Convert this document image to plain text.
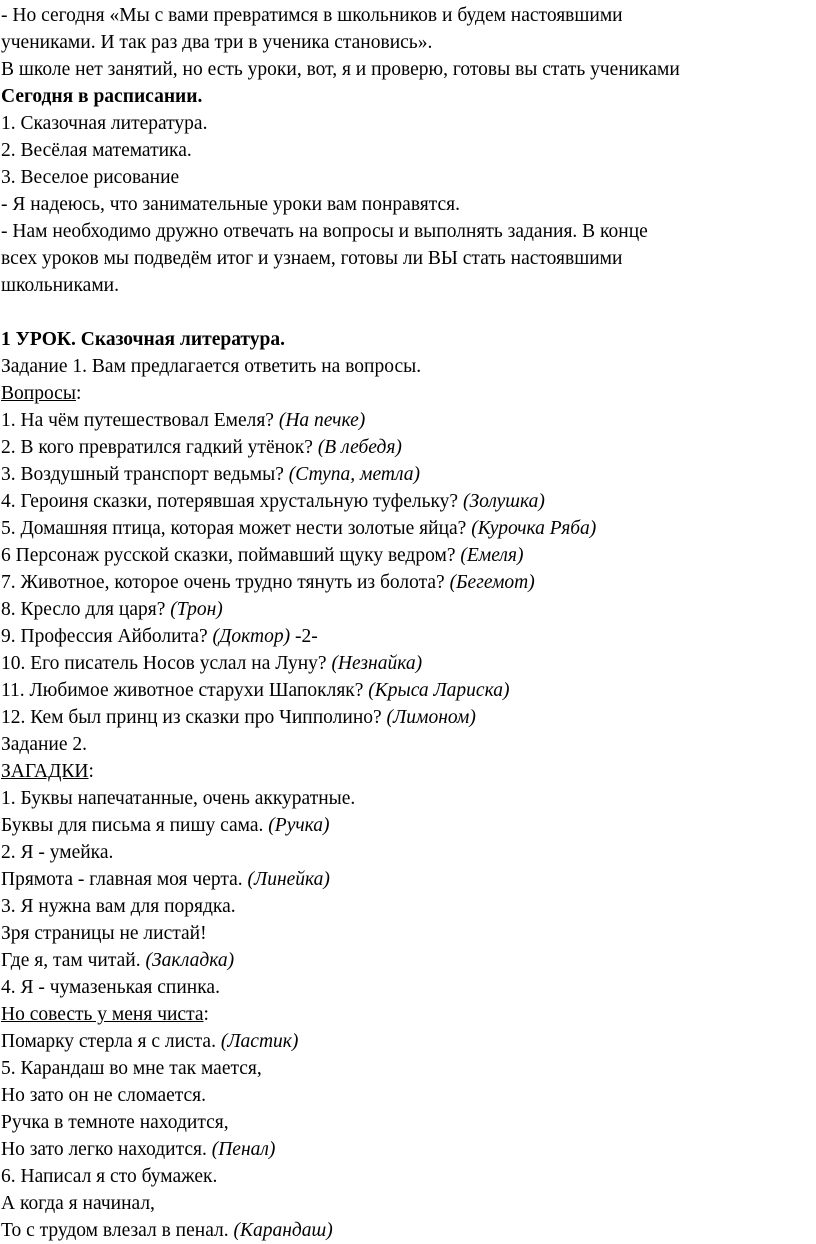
- Но сегодня «Мы с вами превратимся в школьников и будем настоявшими
учениками. И так раз два три в ученика становись».
В школе нет занятий, но есть уроки, вот, я и проверю, готовы вы стать учениками
Сегодня в расписании.
1. Сказочная литература.
2. Весёлая математика.
3. Веселое рисование
- Я надеюсь, что занимательные уроки вам понравятся.
- Нам необходимо дружно отвечать на вопросы и выполнять задания. В конце
всех уроков мы подведём итог и узнаем, готовы ли ВЫ стать настоявшими
школьниками.
1 УРОК. Сказочная литература.
Задание 1. Вам предлагается ответить на вопросы.
Вопросы:
1. На чём путешествовал Емеля? (На печке)
2. В кого превратился гадкий утёнок? (В лебедя)
3. Воздушный транспорт ведьмы? (Ступа, метла)
4. Героиня сказки, потерявшая хрустальную туфельку? (Золушка)
5. Домашняя птица, которая может нести золотые яйца? (Курочка Ряба)
6 Персонаж русской сказки, поймавший щуку ведром? (Емеля)
7. Животное, которое очень трудно тянуть из болота? (Бегемот)
8. Кресло для царя? (Трон)
9. Профессия Айболита? (Доктор) -2-
10. Его писатель Носов услал на Луну? (Незнайка)
11. Любимое животное старухи Шапокляк? (Крыса Лариска)
12. Кем был принц из сказки про Чипполино? (Лимоном)
Задание 2.
ЗАГАДКИ:
1. Буквы напечатанные, очень аккуратные.
Буквы для письма я пишу сама. (Ручка)
2. Я - умейка.
Прямота - главная моя черта. (Линейка)
3. Я нужна вам для порядка.
Зря страницы не листай!
Где я, там читай. (Закладка)
4. Я - чумазенькая спинка.
Но совесть у меня чиста:
Помарку стерла я с листа. (Ластик)
5. Карандаш во мне так мается,
Но зато он не сломается.
Ручка в темноте находится,
Но зато легко находится. (Пенал)
6. Написал я сто бумажек.
А когда я начинал,
То с трудом влезал в пенал. (Карандаш)
